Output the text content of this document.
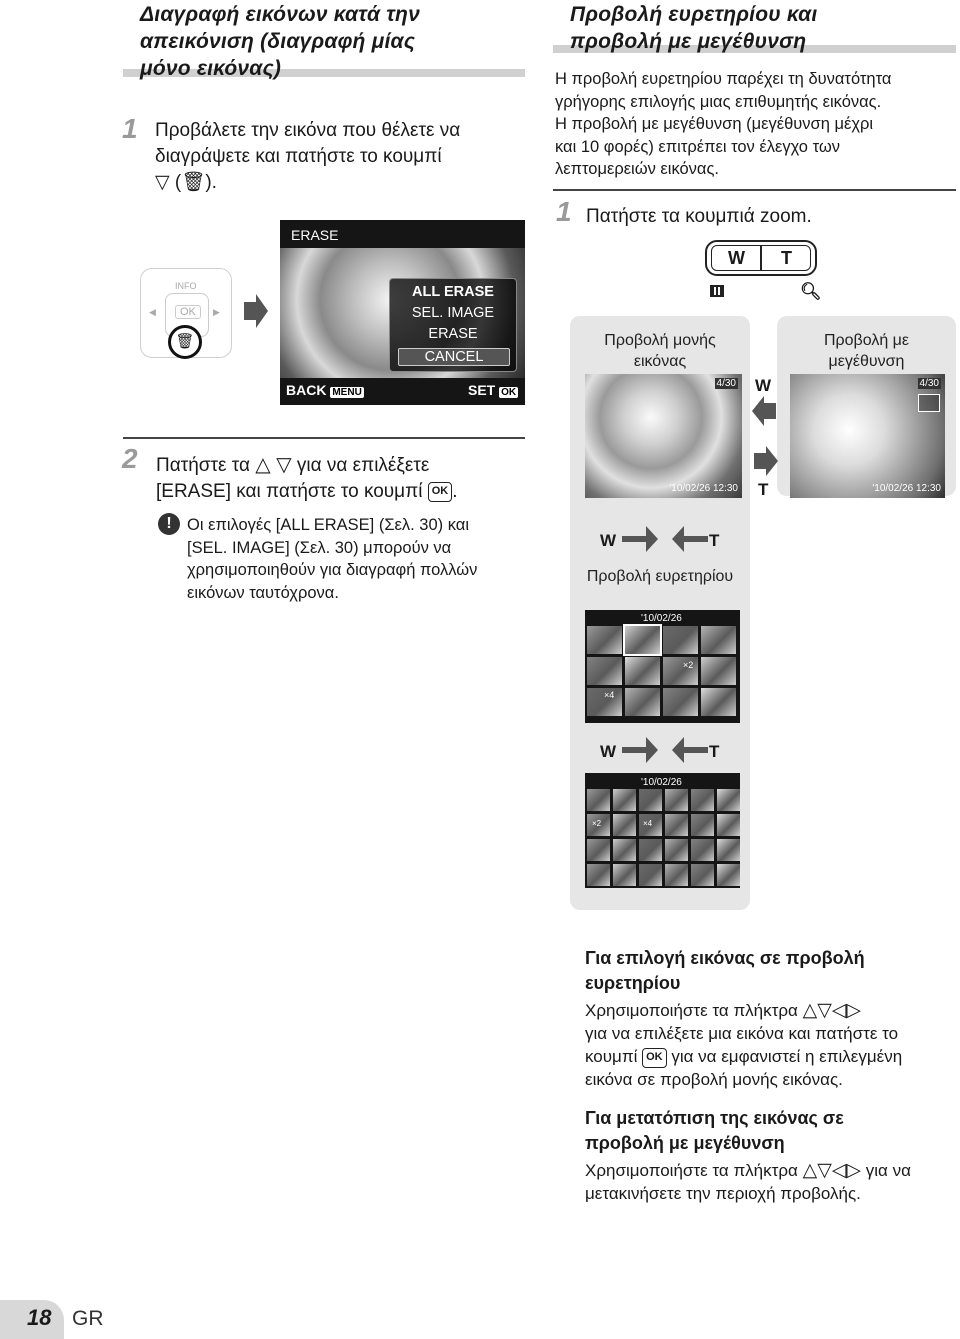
Διαγραφή εικόνων κατά την
απεικόνιση (διαγραφή μίας
μόνο εικόνας)
1 Προβάλετε την εικόνα που θέλετε να
διαγράψετε και πατήστε το κουμπί
▽ (🗑).
INFO
OK
◀	▶
🗑
ERASE
ALL ERASE
SEL. IMAGE
ERASE
CANCEL
BACK MENU	SET OK
2 Πατήστε τα △ ▽ για να επιλέξετε
[ERASE] και πατήστε το κουμπί OK .
! Οι επιλογές [ALL ERASE] (Σελ. 30) και
[SEL. IMAGE] (Σελ. 30) μπορούν να
χρησιμοποιηθούν για διαγραφή πολλών
εικόνων ταυτόχρονα.
Προβολή ευρετηρίου και
προβολή με μεγέθυνση
Η προβολή ευρετηρίου παρέχει τη δυνατότητα
γρήγορης επιλογής μιας επιθυμητής εικόνας.
Η προβολή με μεγέθυνση (μεγέθυνση μέχρι
και 10 φορές) επιτρέπει τον έλεγχο των
λεπτομερειών εικόνας.
1 Πατήστε τα κουμπιά zoom.
W T
🔍︎
Προβολή μονής
εικόνας
Προβολή με
μεγέθυνση
4/30
'10/02/26 12:30
4/30
'10/02/26 12:30
W
T
W	T
Προβολή ευρετηρίου
'10/02/26
×2
×4
W	T
'10/02/26
×2	×4
Για επιλογή εικόνας σε προβολή
ευρετηρίου
Χρησιμοποιήστε τα πλήκτρα △▽◁▷
για να επιλέξετε μια εικόνα και πατήστε το
κουμπί OK για να εμφανιστεί η επιλεγμένη
εικόνα σε προβολή μονής εικόνας.
Για μετατόπιση της εικόνας σε
προβολή με μεγέθυνση
Χρησιμοποιήστε τα πλήκτρα △▽◁▷ για να
μετακινήσετε την περιοχή προβολής.
18 GR
